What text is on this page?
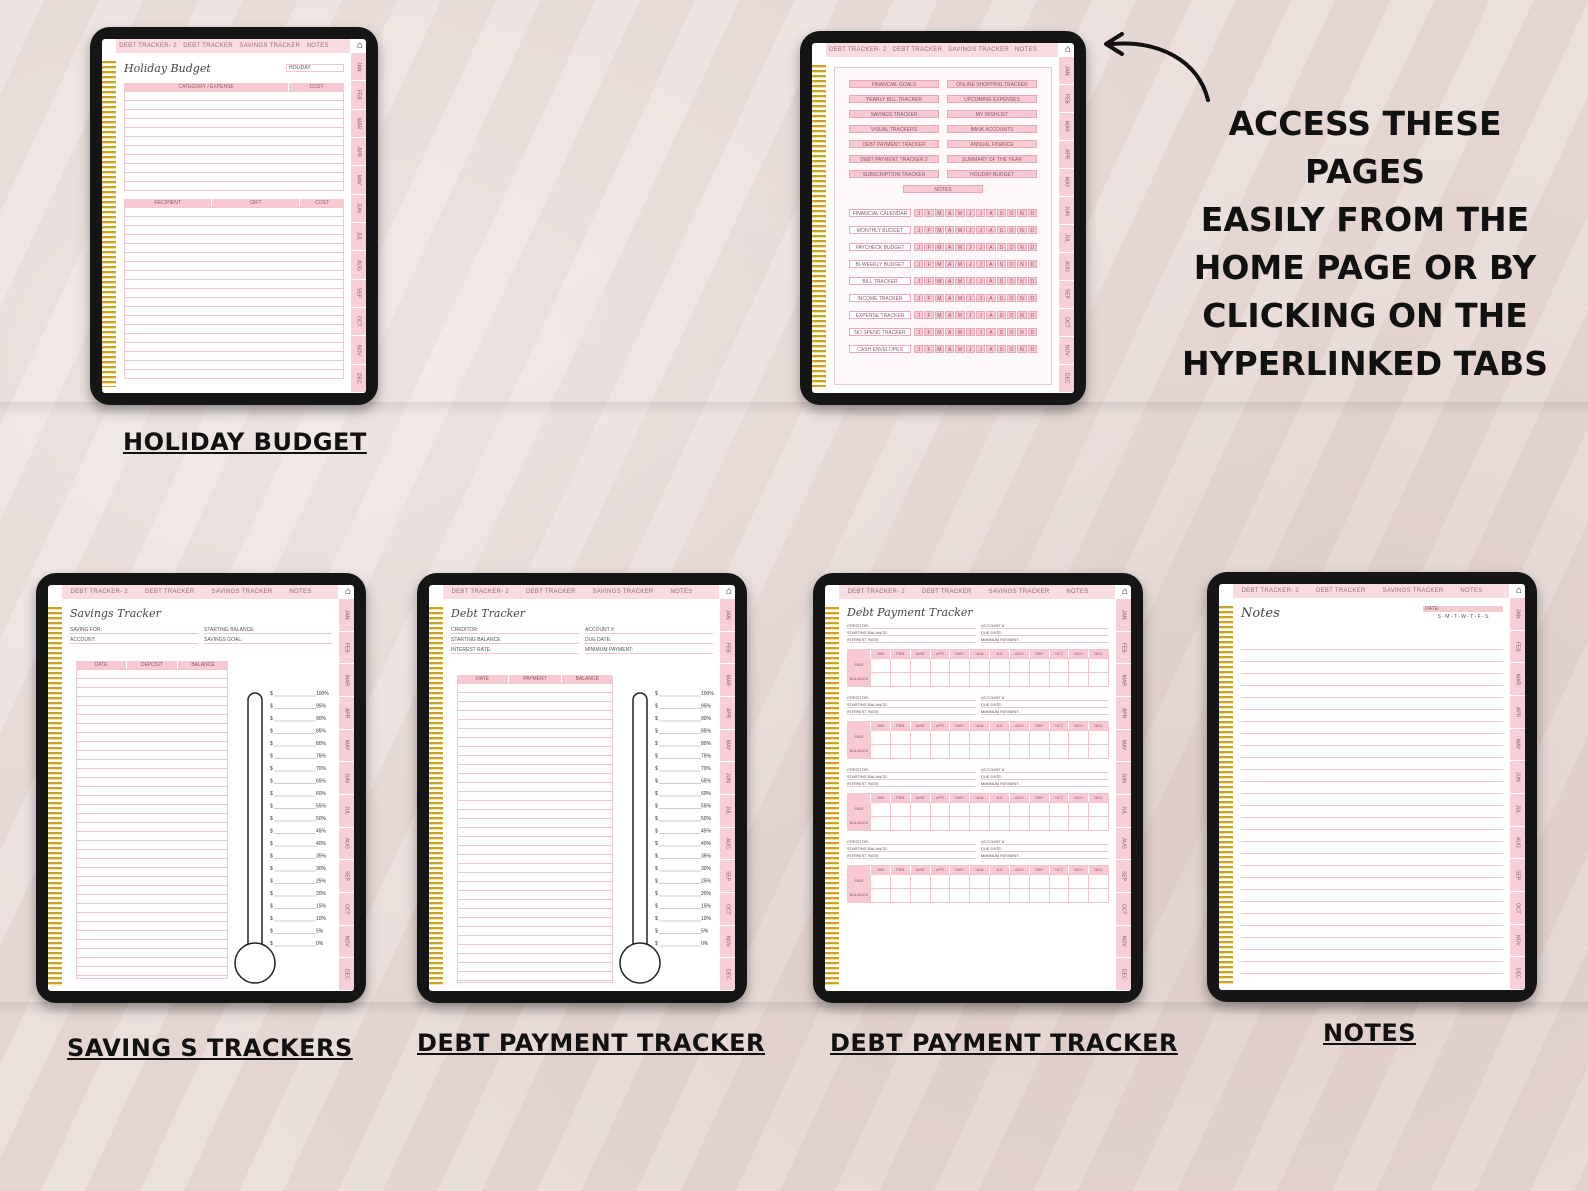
DEBT TRACKER- 2 DEBT TRACKER SAVINGS TRACKER NOTES	⌂
JAN
FEB
MAR
APR
MAY
JUN
JUL
AUG
SEP
OCT
NOV
DEC
Holiday Budget	HOLIDAY:
CATEGORY / EXPENSE	COST
RECIPIENT	GIFT	COST
HOLIDAY BUDGET
DEBT TRACKER- 2 DEBT TRACKER SAVINGS TRACKER NOTES	⌂
JAN
FEB
MAR
APR
MAY
JUN
JUL
AUG
SEP
OCT
NOV
DEC
FINANCIAL GOALS
YEARLY BILL TRACKER
SAVINGS TRACKER
VISUAL TRACKERS
DEBT PAYMENT TRACKER
DEBT PAYMENT TRACKER 2
SUBSCRIPTION TRACKER
ONLINE SHOPPING TRACKER
UPCOMING EXPENSES
MY WISHLIST
BANK ACCOUNTS
ANNUAL FINANCE
SUMMARY OF THE YEAR
HOLIDAY BUDGET
NOTES
FINANCIAL CALENDAR	J	F	M	A	M	J	J	A	S	O	N	D
MONTHLY BUDGET	J	F	M	A	M	J	J	A	S	O	N	D
PAYCHECK BUDGET	J	F	M	A	M	J	J	A	S	O	N	D
BI-WEEKLY BUDGET	J	F	M	A	M	J	J	A	S	O	N	D
BILL TRACKER	J	F	M	A	M	J	J	A	S	O	N	D
INCOME TRACKER	J	F	M	A	M	J	J	A	S	O	N	D
EXPENSE TRACKER	J	F	M	A	M	J	J	A	S	O	N	D
NO SPEND TRACKER	J	F	M	A	M	J	J	A	S	O	N	D
CASH ENVELOPES	J	F	M	A	M	J	J	A	S	O	N	D
ACCESS THESE PAGES
EASILY FROM THE
HOME PAGE OR BY
CLICKING ON THE
HYPERLINKED TABS
DEBT TRACKER- 2	DEBT TRACKER	SAVINGS TRACKER	NOTES	⌂
JAN
FEB
MAR
APR
MAY
JUN
JUL
AUG
SEP
OCT
NOV
DEC
Savings Tracker
SAVING FOR:	STARTING BALANCE:
ACCOUNT:	SAVINGS GOAL:
DATE	DEPOSIT	BALANCE
$	100%
$	95%
$	90%
$	85%
$	80%
$	75%
$	70%
$	65%
$	60%
$	55%
$	50%
$	45%
$	40%
$	35%
$	30%
$	25%
$	20%
$	15%
$	10%
$	5%
$	0%
SAVING S TRACKERS
DEBT TRACKER- 2	DEBT TRACKER	SAVINGS TRACKER	NOTES	⌂
JAN
FEB
MAR
APR
MAY
JUN
JUL
AUG
SEP
OCT
NOV
DEC
Debt Tracker
CREDITOR:	ACCOUNT #:
STARTING BALANCE:	DUE DATE:
INTEREST RATE:	MINIMUM PAYMENT:
DATE	PAYMENT	BALANCE
$	100%
$	95%
$	90%
$	85%
$	80%
$	75%
$	70%
$	65%
$	60%
$	55%
$	50%
$	45%
$	40%
$	35%
$	30%
$	25%
$	20%
$	15%
$	10%
$	5%
$	0%
DEBT PAYMENT TRACKER
DEBT TRACKER- 2	DEBT TRACKER	SAVINGS TRACKER	NOTES	⌂
JAN
FEB
MAR
APR
MAY
JUN
JUL
AUG
SEP
OCT
NOV
DEC
Debt Payment Tracker
CREDITOR:	ACCOUNT #:
STARTING BALANCE:	DUE DATE:
INTEREST RATE:	MINIMUM PAYMENT:
JAN	FEB	MAR	APR	MAY	JUN	JUL	AUG	SEP	OCT	NOV	DEC
PAID
BALANCE
CREDITOR:	ACCOUNT #:
STARTING BALANCE:	DUE DATE:
INTEREST RATE:	MINIMUM PAYMENT:
JAN	FEB	MAR	APR	MAY	JUN	JUL	AUG	SEP	OCT	NOV	DEC
PAID
BALANCE
CREDITOR:	ACCOUNT #:
STARTING BALANCE:	DUE DATE:
INTEREST RATE:	MINIMUM PAYMENT:
JAN	FEB	MAR	APR	MAY	JUN	JUL	AUG	SEP	OCT	NOV	DEC
PAID
BALANCE
CREDITOR:	ACCOUNT #:
STARTING BALANCE:	DUE DATE:
INTEREST RATE:	MINIMUM PAYMENT:
JAN	FEB	MAR	APR	MAY	JUN	JUL	AUG	SEP	OCT	NOV	DEC
PAID
BALANCE
DEBT PAYMENT TRACKER
DEBT TRACKER- 2	DEBT TRACKER	SAVINGS TRACKER	NOTES	⌂
JAN
FEB
MAR
APR
MAY
JUN
JUL
AUG
SEP
OCT
NOV
DEC
Notes	DATE:
S - M - T - W - T - F - S
NOTES
